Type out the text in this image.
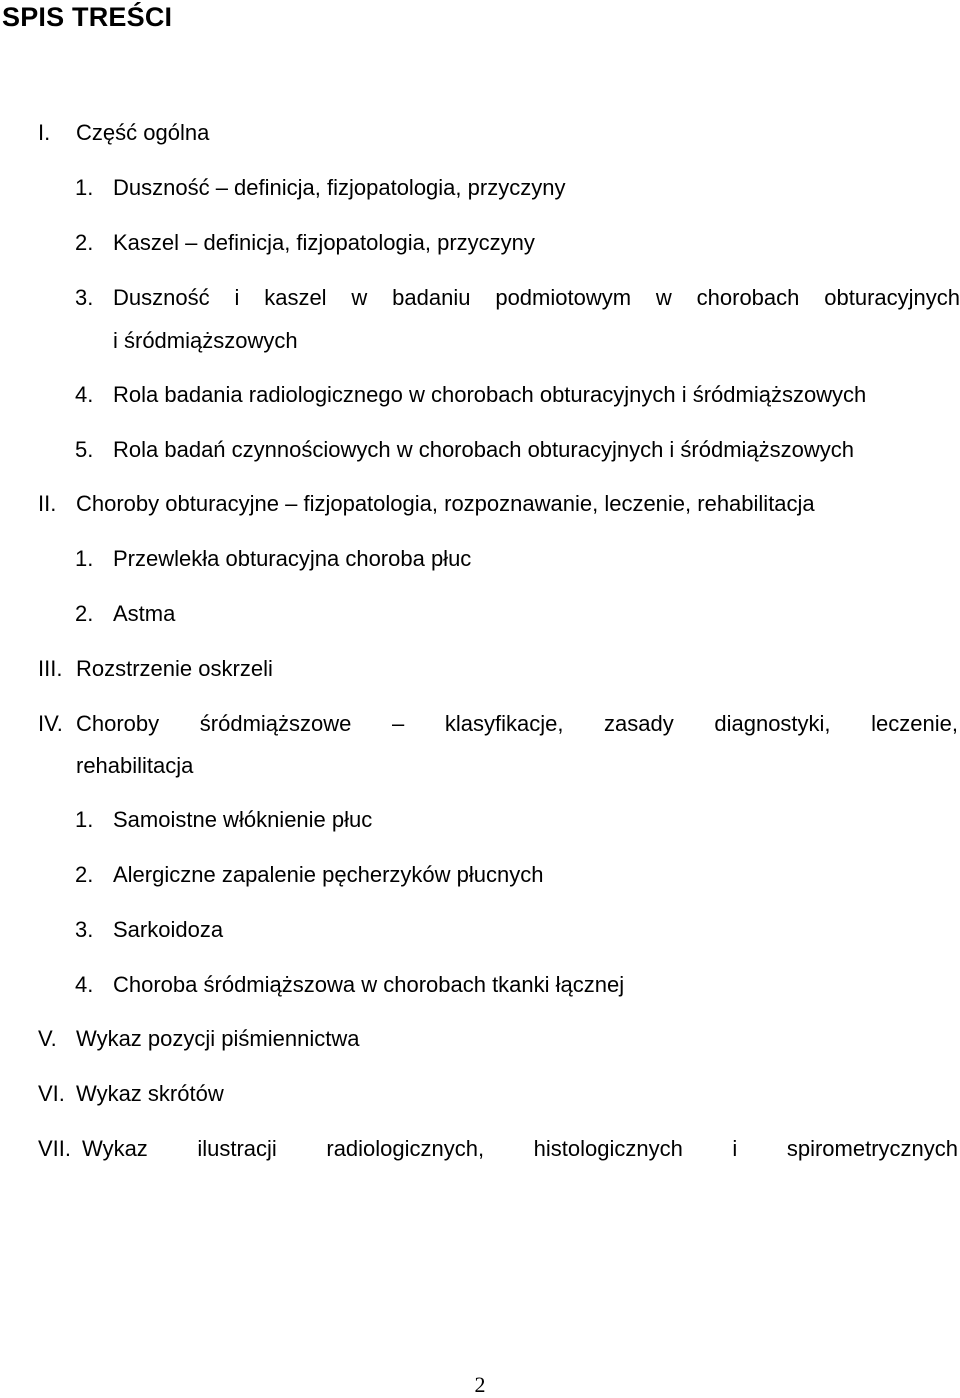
SPIS TREŚCI
I. Część ogólna
1. Duszność – definicja, fizjopatologia, przyczyny
2. Kaszel – definicja, fizjopatologia, przyczyny
3. Duszność i kaszel w badaniu podmiotowym w chorobach obturacyjnych
i śródmiąższowych
4. Rola badania radiologicznego w chorobach obturacyjnych i śródmiąższowych
5. Rola badań czynnościowych w chorobach obturacyjnych i śródmiąższowych
II. Choroby obturacyjne – fizjopatologia, rozpoznawanie, leczenie, rehabilitacja
1. Przewlekła obturacyjna choroba płuc
2. Astma
III. Rozstrzenie oskrzeli
IV. Choroby śródmiąższowe – klasyfikacje, zasady diagnostyki, leczenie,
rehabilitacja
1. Samoistne włóknienie płuc
2. Alergiczne zapalenie pęcherzyków płucnych
3. Sarkoidoza
4. Choroba śródmiąższowa w chorobach tkanki łącznej
V. Wykaz pozycji piśmiennictwa
VI. Wykaz skrótów
VII. Wykaz ilustracji radiologicznych, histologicznych i spirometrycznych
2
